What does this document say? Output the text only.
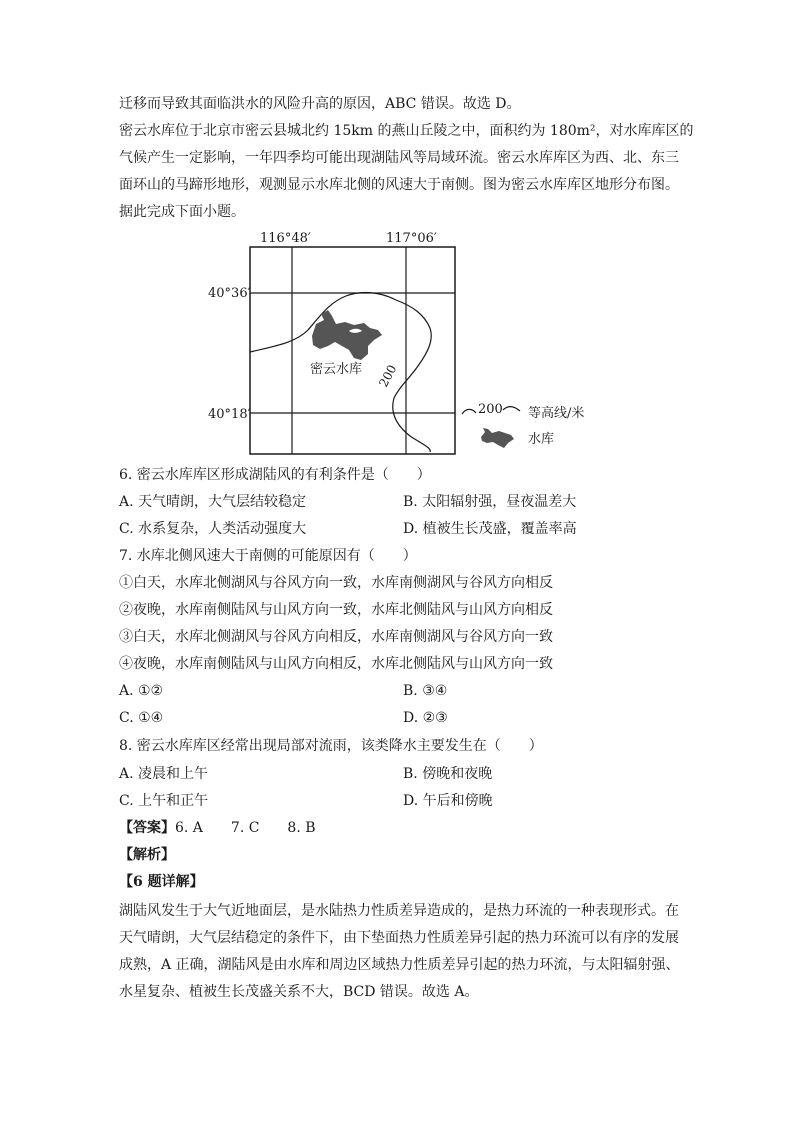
迁移而导致其面临洪水的风险升高的原因，ABC 错误。故选 D。
密云水库位于北京市密云县城北约 15km 的燕山丘陵之中，面积约为 180m²，对水库库区的
气候产生一定影响，一年四季均可能出现湖陆风等局域环流。密云水库库区为西、北、东三
面环山的马蹄形地形，观测显示水库北侧的风速大于南侧。图为密云水库库区地形分布图。
据此完成下面小题。
116°48′	117°06′
40°36′
40°18′
200
密云水库
200 等高线/米
水库
6. 密云水库库区形成湖陆风的有利条件是（　　）
A. 天气晴朗，大气层结较稳定	B. 太阳辐射强，昼夜温差大
C. 水系复杂，人类活动强度大	D. 植被生长茂盛，覆盖率高
7. 水库北侧风速大于南侧的可能原因有（　　）
①白天，水库北侧湖风与谷风方向一致，水库南侧湖风与谷风方向相反
②夜晚，水库南侧陆风与山风方向一致，水库北侧陆风与山风方向相反
③白天，水库北侧湖风与谷风方向相反，水库南侧湖风与谷风方向一致
④夜晚，水库南侧陆风与山风方向相反，水库北侧陆风与山风方向一致
A. ①②	B. ③④
C. ①④	D. ②③
8. 密云水库库区经常出现局部对流雨，该类降水主要发生在（　　）
A. 凌晨和上午	B. 傍晚和夜晚
C. 上午和正午	D. 午后和傍晚
【答案】6. A　　7. C　　8. B
【解析】
【6 题详解】
湖陆风发生于大气近地面层，是水陆热力性质差异造成的，是热力环流的一种表现形式。在
天气晴朗，大气层结稳定的条件下，由下垫面热力性质差异引起的热力环流可以有序的发展
成熟，A 正确，湖陆风是由水库和周边区域热力性质差异引起的热力环流，与太阳辐射强、
水星复杂、植被生长茂盛关系不大，BCD 错误。故选 A。
